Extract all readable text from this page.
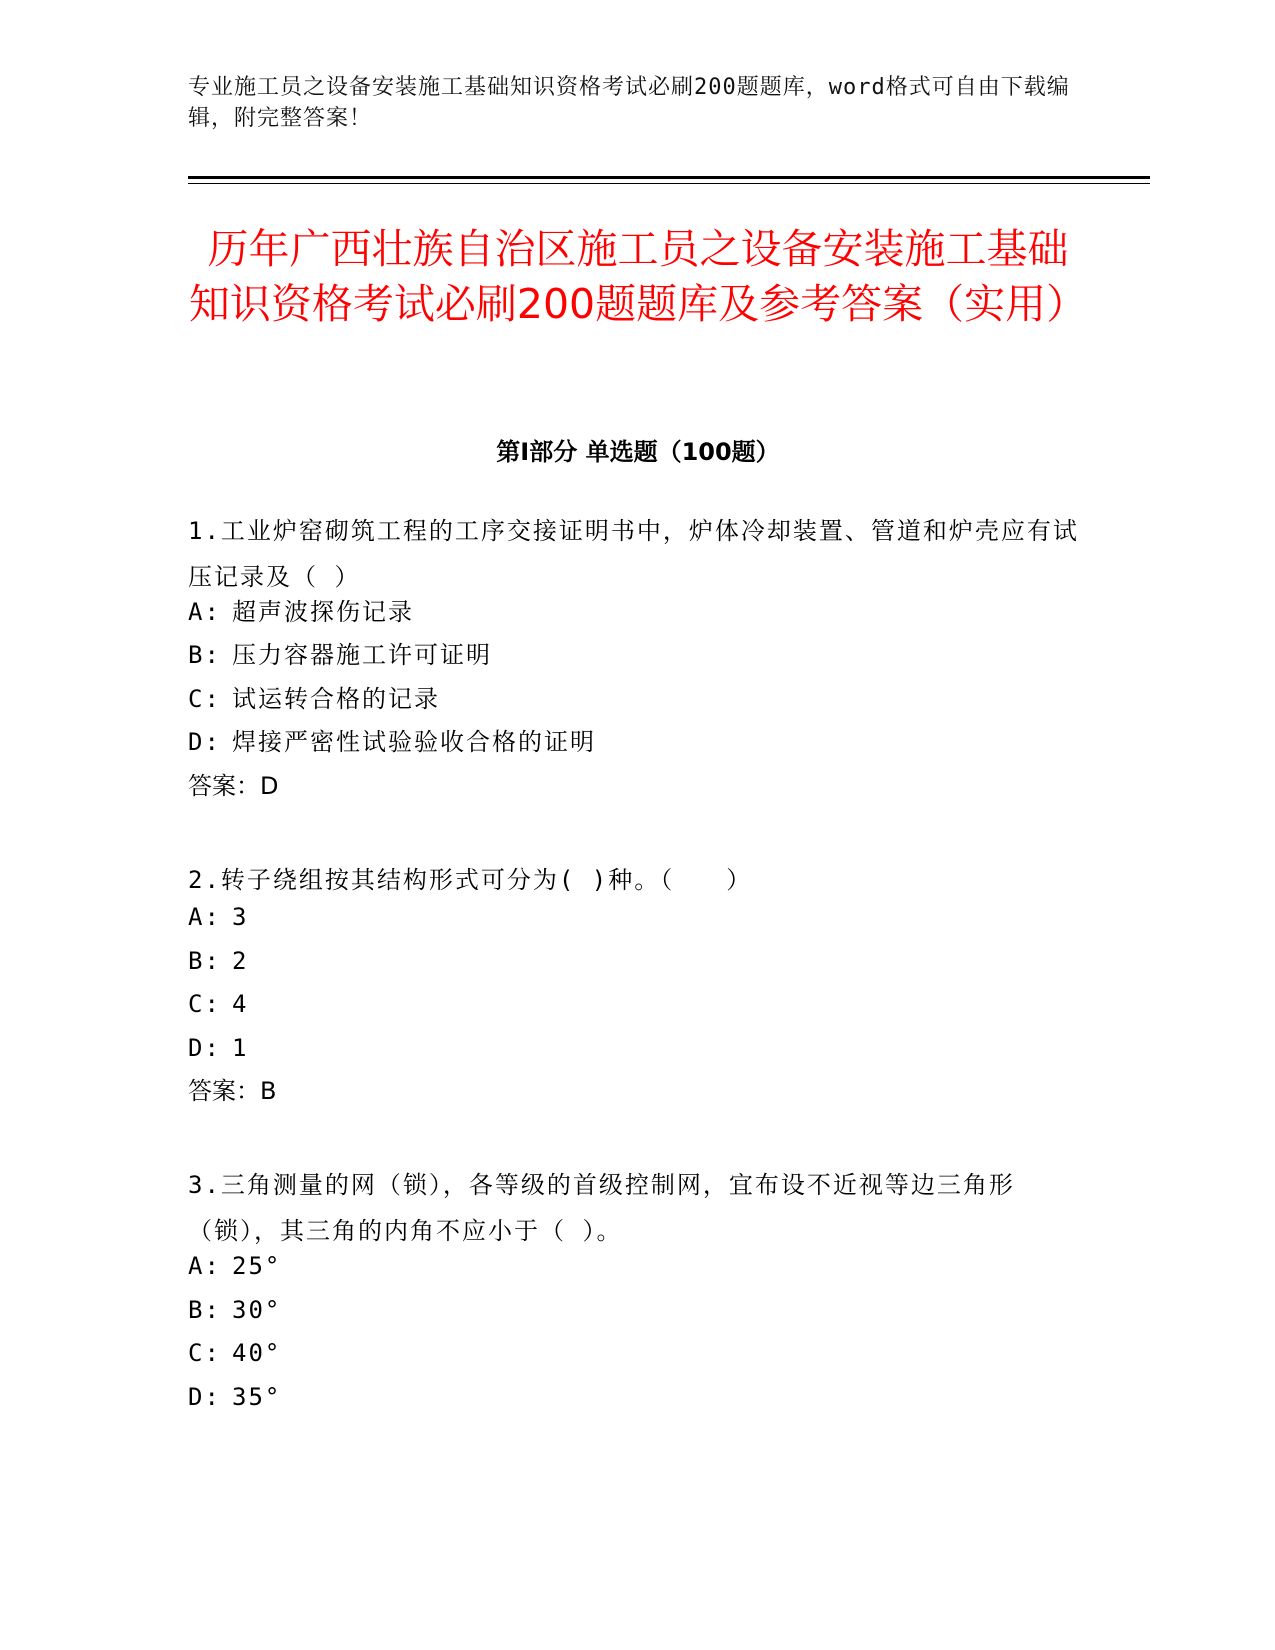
专业施工员之设备安装施工基础知识资格考试必刷200题题库，word格式可自由下载编辑，附完整答案！

历年广西壮族自治区施工员之设备安装施工基础知识资格考试必刷200题题库及参考答案（实用）
第Ⅰ部分 单选题（100题）

1.工业炉窑砌筑工程的工序交接证明书中，炉体冷却装置、管道和炉壳应有试压记录及（ ）

A: 超声波探伤记录

B: 压力容器施工许可证明

C: 试运转合格的记录

D: 焊接严密性试验验收合格的证明

答案：D

2.转子绕组按其结构形式可分为( )种。（　　）

A: 3

B: 2

C: 4

D: 1

答案：B

3.三角测量的网（锁），各等级的首级控制网，宜布设不近视等边三角形（锁），其三角的内角不应小于（ ）。

A: 25°

B: 30°

C: 40°

D: 35°
